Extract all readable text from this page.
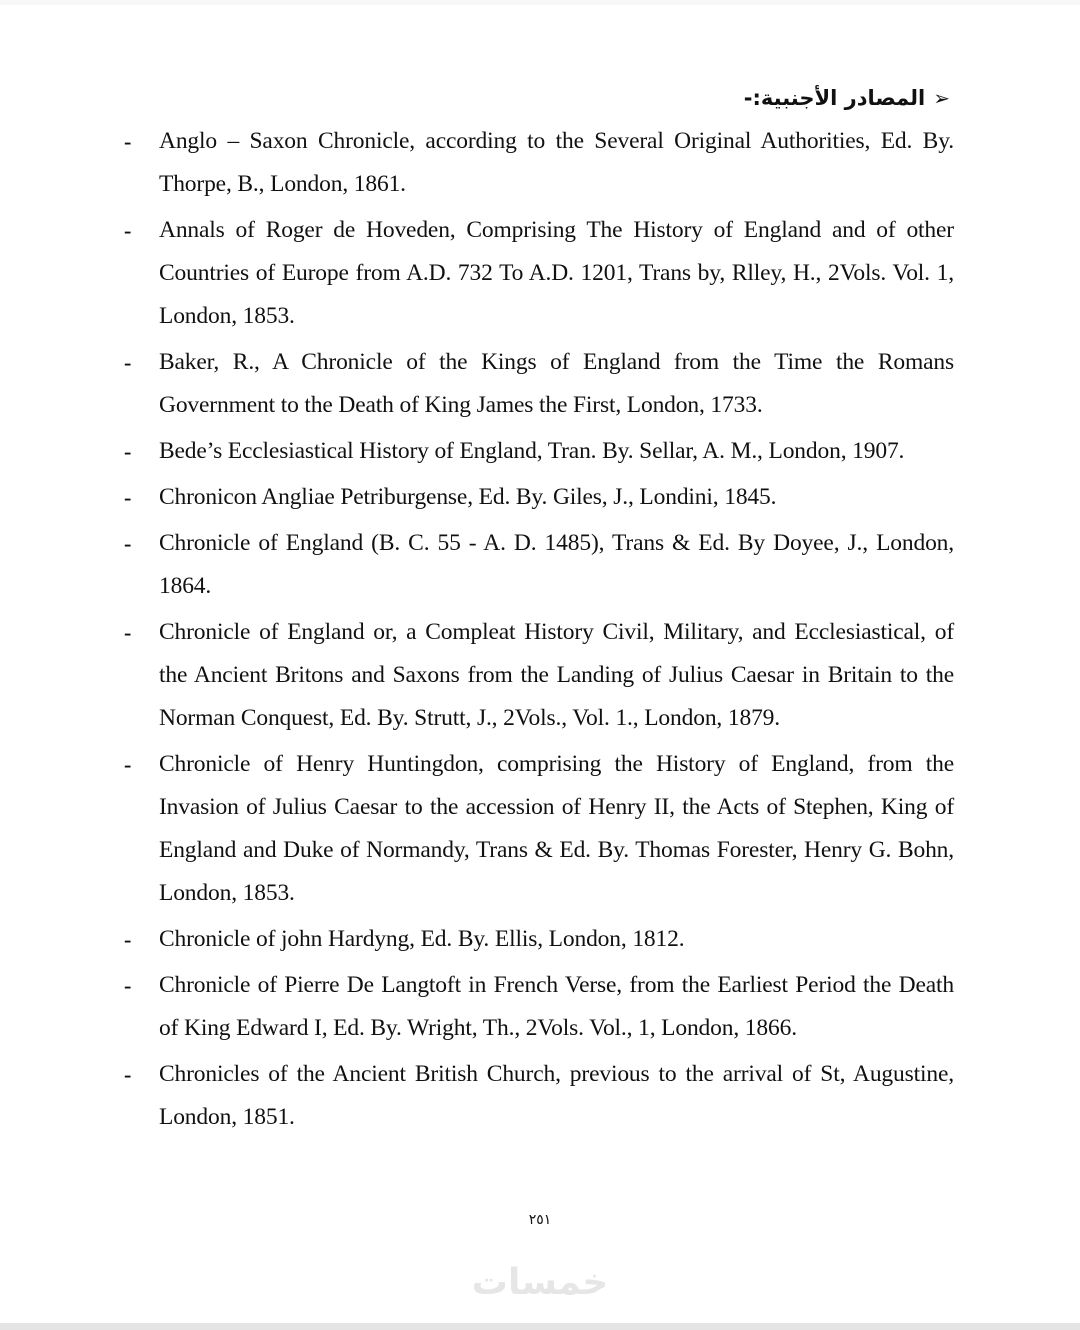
➢
المصادر الأجنبية:-
-	Anglo – Saxon Chronicle, according to the Several Original Authorities, Ed. By. Thorpe, B., London, 1861.
-	Annals of Roger de Hoveden, Comprising The History of England and of other Countries of Europe from A.D. 732 To A.D. 1201, Trans by, Rlley, H., 2Vols. Vol. 1, London, 1853.
-	Baker, R., A Chronicle of the Kings of England from the Time the Romans Government to the Death of King James the First, London, 1733.
-	Bede’s Ecclesiastical History of England, Tran. By. Sellar, A. M., London, 1907.
-	Chronicon Angliae Petriburgense, Ed. By. Giles, J., Londini, 1845.
-	Chronicle of England (B. C. 55 - A. D. 1485), Trans & Ed. By Doyee, J., London, 1864.
-	Chronicle of England or, a Compleat History Civil, Military, and Ecclesiastical, of the Ancient Britons and Saxons from the Landing of Julius Caesar in Britain to the Norman Conquest, Ed. By. Strutt, J., 2Vols., Vol. 1., London, 1879.
-	Chronicle of Henry Huntingdon, comprising the History of England, from the Invasion of Julius Caesar to the accession of Henry II, the Acts of Stephen, King of England and Duke of Normandy, Trans & Ed. By. Thomas Forester, Henry G. Bohn, London, 1853.
-	Chronicle of john Hardyng, Ed. By. Ellis, London, 1812.
-	Chronicle of Pierre De Langtoft in French Verse, from the Earliest Period the Death of King Edward I, Ed. By. Wright, Th., 2Vols. Vol., 1, London, 1866.
-	Chronicles of the Ancient British Church, previous to the arrival of St, Augustine, London, 1851.
٢٥١
خمسات
